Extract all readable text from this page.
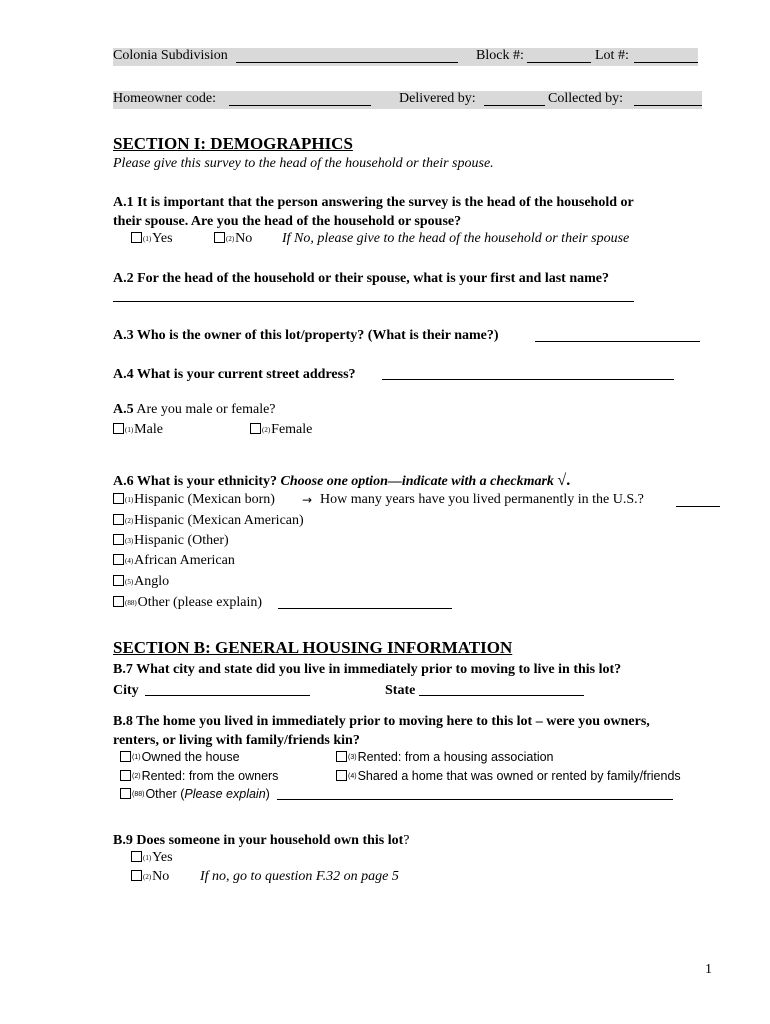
Colonia Subdivision	Block #:	Lot #:
Homeowner code:	Delivered by:	Collected by:
SECTION I: DEMOGRAPHICS
Please give this survey to the head of the household or their spouse.
A.1 It is important that the person answering the survey is the head of the household or
their spouse. Are you the head of the household or spouse?
(1)Yes	(2)No If No, please give to the head of the household or their spouse
A.2 For the head of the household or their spouse, what is your first and last name?
A.3 Who is the owner of this lot/property? (What is their name?)
A.4 What is your current street address?
A.5 Are you male or female?
(1)Male	(2)Female
A.6 What is your ethnicity? Choose one option—indicate with a checkmark √.
(1)Hispanic (Mexican born) → How many years have you lived permanently in the U.S.?
(2)Hispanic (Mexican American)
(3)Hispanic (Other)
(4)African American
(5)Anglo
(88)Other (please explain)
SECTION B: GENERAL HOUSING INFORMATION
B.7 What city and state did you live in immediately prior to moving to live in this lot?
City	State
B.8 The home you lived in immediately prior to moving here to this lot – were you owners,
renters, or living with family/friends kin?
(1)Owned the house	(3)Rented: from a housing association
(2)Rented: from the owners	(4)Shared a home that was owned or rented by family/friends
(88)Other (Please explain)
B.9 Does someone in your household own this lot?
(1)Yes
(2)No If no, go to question F.32 on page 5
1
